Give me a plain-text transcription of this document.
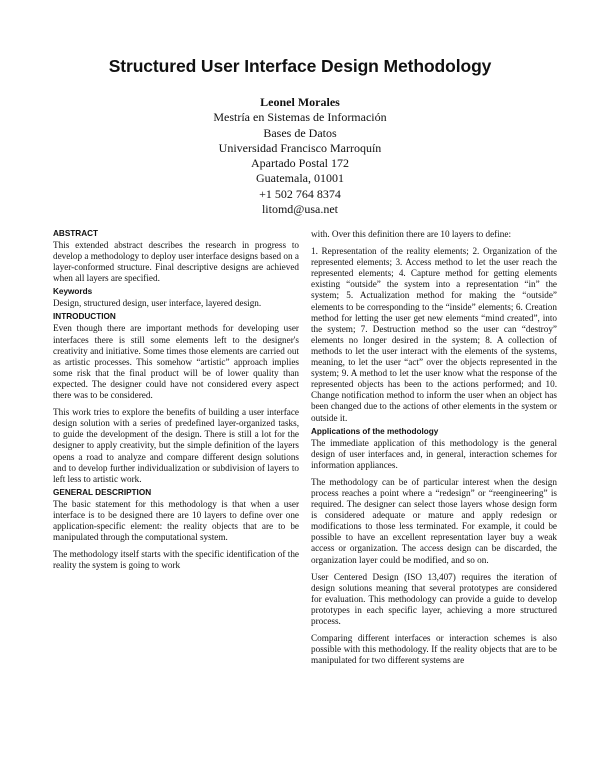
Structured User Interface Design Methodology
Leonel Morales
Mestría en Sistemas de Información
Bases de Datos
Universidad Francisco Marroquín
Apartado Postal 172
Guatemala, 01001
+1 502 764 8374
litomd@usa.net
ABSTRACT

This extended abstract describes the research in progress to develop a methodology to deploy user interface designs based on a layer-conformed structure. Final descriptive designs are achieved when all layers are specified.

Keywords

Design, structured design, user interface, layered design.

INTRODUCTION

Even though there are important methods for developing user interfaces there is still some elements left to the designer's creativity and initiative. Some times those elements are carried out as artistic processes. This somehow “artistic” approach implies some risk that the final product will be of lower quality than expected. The designer could have not considered every aspect there was to be considered.

This work tries to explore the benefits of building a user interface design solution with a series of predefined layer-organized tasks, to guide the development of the design. There is still a lot for the designer to apply creativity, but the simple definition of the layers opens a road to analyze and compare different design solutions and to develop further individualization or subdivision of layers to left less to artistic work.

GENERAL DESCRIPTION

The basic statement for this methodology is that when a user interface is to be designed there are 10 layers to define over one application-specific element: the reality objects that are to be manipulated through the computational system.

The methodology itself starts with the specific identification of the reality the system is going to work

with. Over this definition there are 10 layers to define:

1. Representation of the reality elements; 2. Organization of the represented elements; 3. Access method to let the user reach the represented elements; 4. Capture method for getting elements existing “outside” the system into a representation “in” the system; 5. Actualization method for making the “outside” elements to be corresponding to the “inside” elements; 6. Creation method for letting the user get new elements “mind created”, into the system; 7. Destruction method so the user can “destroy” elements no longer desired in the system; 8. A collection of methods to let the user interact with the elements of the systems, meaning, to let the user “act” over the objects represented in the system; 9. A method to let the user know what the response of the represented objects has been to the actions performed; and 10. Change notification method to inform the user when an object has been changed due to the actions of other elements in the system or outside it.

Applications of the methodology

The immediate application of this methodology is the general design of user interfaces and, in general, interaction schemes for information appliances.

The methodology can be of particular interest when the design process reaches a point where a “redesign” or “reengineering” is required. The designer can select those layers whose design form is considered adequate or mature and apply redesign or modifications to those less terminated. For example, it could be possible to have an excellent representation layer buy a weak access or organization. The access design can be discarded, the organization layer could be modified, and so on.

User Centered Design (ISO 13,407) requires the iteration of design solutions meaning that several prototypes are considered for evaluation. This methodology can provide a guide to develop prototypes in each specific layer, achieving a more structured process.

Comparing different interfaces or interaction schemes is also possible with this methodology. If the reality objects that are to be manipulated for two different systems are
